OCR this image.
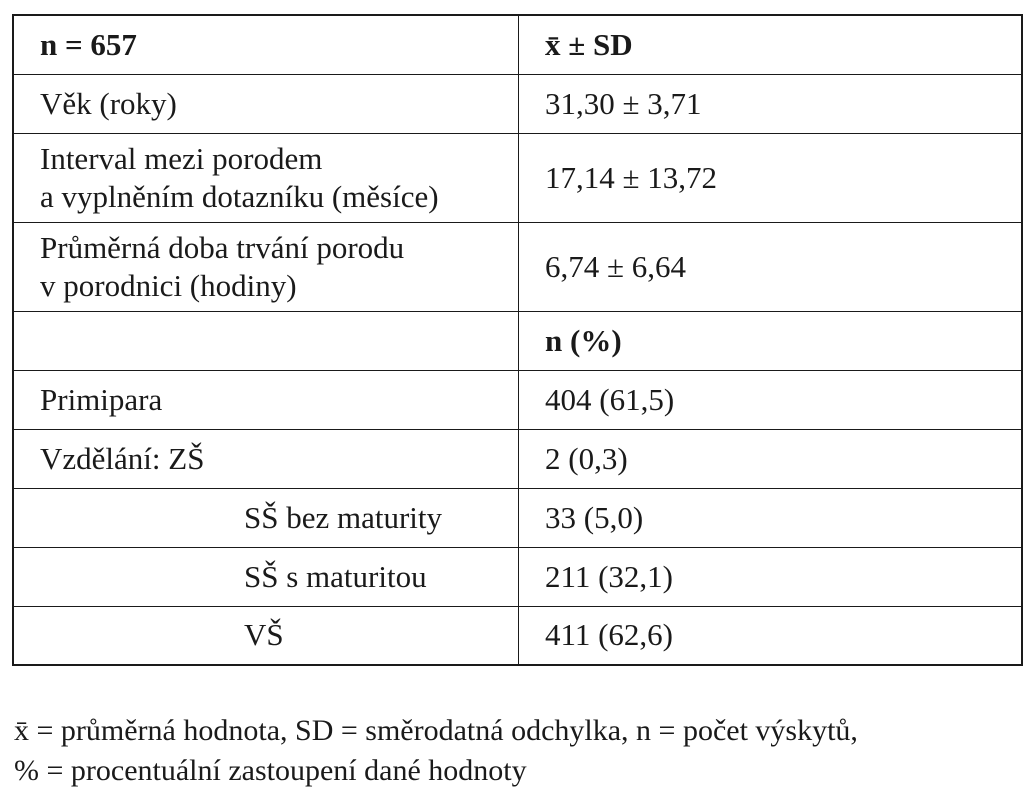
n = 657	x̄ ± SD
Věk (roky)	31,30 ± 3,71

Interval mezi porodem
a vyplněním dotazníku (měsíce)	17,14 ± 13,72

Průměrná doba trvání porodu
v porodnici (hodiny)	6,74 ± 6,64
	n (%)
Primipara	404 (61,5)
Vzdělání: ZŠ	2 (0,3)
SŠ bez maturity	33 (5,0)
SŠ s maturitou	211 (32,1)
VŠ	411 (62,6)

x̄ = průměrná hodnota, SD = směrodatná odchylka, n = počet výskytů,

% = procentuální zastoupení dané hodnoty
